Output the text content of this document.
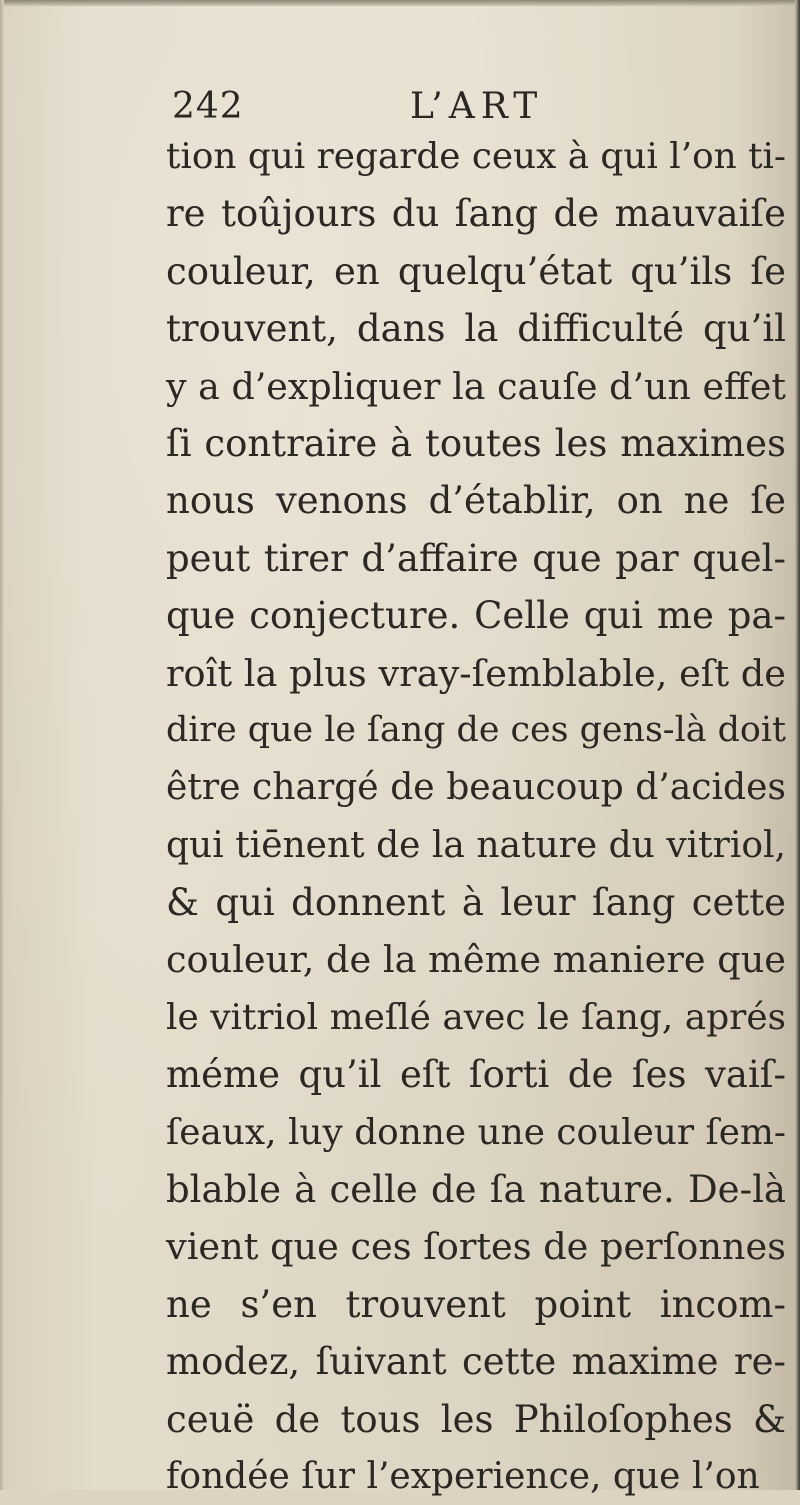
242	L’ART
tion qui regarde ceux à qui l’on ti-
re toûjours du ſang de mauvaiſe
couleur, en quelqu’état qu’ils ſe
trouvent, dans la difficulté qu’il
y a d’expliquer la cauſe d’un effet
ſi contraire à toutes les maximes
nous venons d’établir, on ne ſe
peut tirer d’affaire que par quel-
que conjecture. Celle qui me pa-
roît la plus vray-ſemblable, eſt de
dire que le ſang de ces gens-là doit
être chargé de beaucoup d’acides
qui tiēnent de la nature du vitriol,
& qui donnent à leur ſang cette
couleur, de la même maniere que
le vitriol meſlé avec le ſang, aprés
méme qu’il eſt ſorti de ſes vaiſ-
ſeaux, luy donne une couleur ſem-
blable à celle de ſa nature. De-là
vient que ces ſortes de perſonnes
ne s’en trouvent point incom-
modez, ſuivant cette maxime re-
ceuë de tous les Philoſophes &
fondée ſur l’experience, que l’on
